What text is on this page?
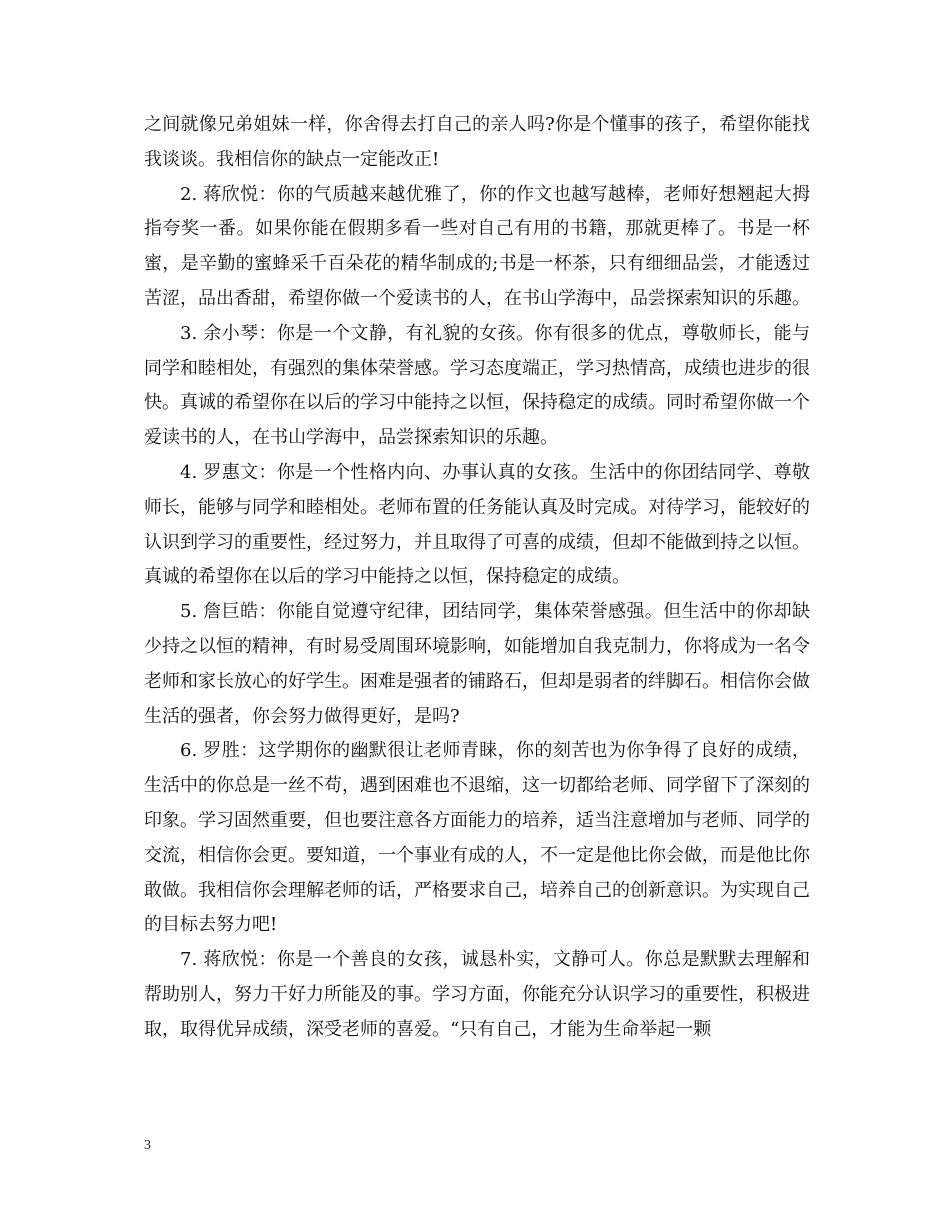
之间就像兄弟姐妹一样，你舍得去打自己的亲人吗?你是个懂事的孩子，希望你能找我谈谈。我相信你的缺点一定能改正!

2. 蒋欣悦：你的气质越来越优雅了，你的作文也越写越棒，老师好想翘起大拇指夸奖一番。如果你能在假期多看一些对自己有用的书籍，那就更棒了。书是一杯蜜，是辛勤的蜜蜂采千百朵花的精华制成的;书是一杯茶，只有细细品尝，才能透过苦涩，品出香甜，希望你做一个爱读书的人，在书山学海中，品尝探索知识的乐趣。

3. 余小琴：你是一个文静，有礼貌的女孩。你有很多的优点，尊敬师长，能与同学和睦相处，有强烈的集体荣誉感。学习态度端正，学习热情高，成绩也进步的很快。真诚的希望你在以后的学习中能持之以恒，保持稳定的成绩。同时希望你做一个爱读书的人，在书山学海中，品尝探索知识的乐趣。

4. 罗惠文：你是一个性格内向、办事认真的女孩。生活中的你团结同学、尊敬师长，能够与同学和睦相处。老师布置的任务能认真及时完成。对待学习，能较好的认识到学习的重要性，经过努力，并且取得了可喜的成绩，但却不能做到持之以恒。真诚的希望你在以后的学习中能持之以恒，保持稳定的成绩。

5. 詹巨皓：你能自觉遵守纪律，团结同学，集体荣誉感强。但生活中的你却缺少持之以恒的精神，有时易受周围环境影响，如能增加自我克制力，你将成为一名令老师和家长放心的好学生。困难是强者的铺路石，但却是弱者的绊脚石。相信你会做生活的强者，你会努力做得更好，是吗?

6. 罗胜：这学期你的幽默很让老师青睐，你的刻苦也为你争得了良好的成绩，生活中的你总是一丝不苟，遇到困难也不退缩，这一切都给老师、同学留下了深刻的印象。学习固然重要，但也要注意各方面能力的培养，适当注意增加与老师、同学的交流，相信你会更。要知道，一个事业有成的人，不一定是他比你会做，而是他比你敢做。我相信你会理解老师的话，严格要求自己，培养自己的创新意识。为实现自己的目标去努力吧!

7. 蒋欣悦：你是一个善良的女孩，诚恳朴实，文静可人。你总是默默去理解和帮助别人，努力干好力所能及的事。学习方面，你能充分认识学习的重要性，积极进取，取得优异成绩，深受老师的喜爱。“只有自己，才能为生命举起一颗

3
